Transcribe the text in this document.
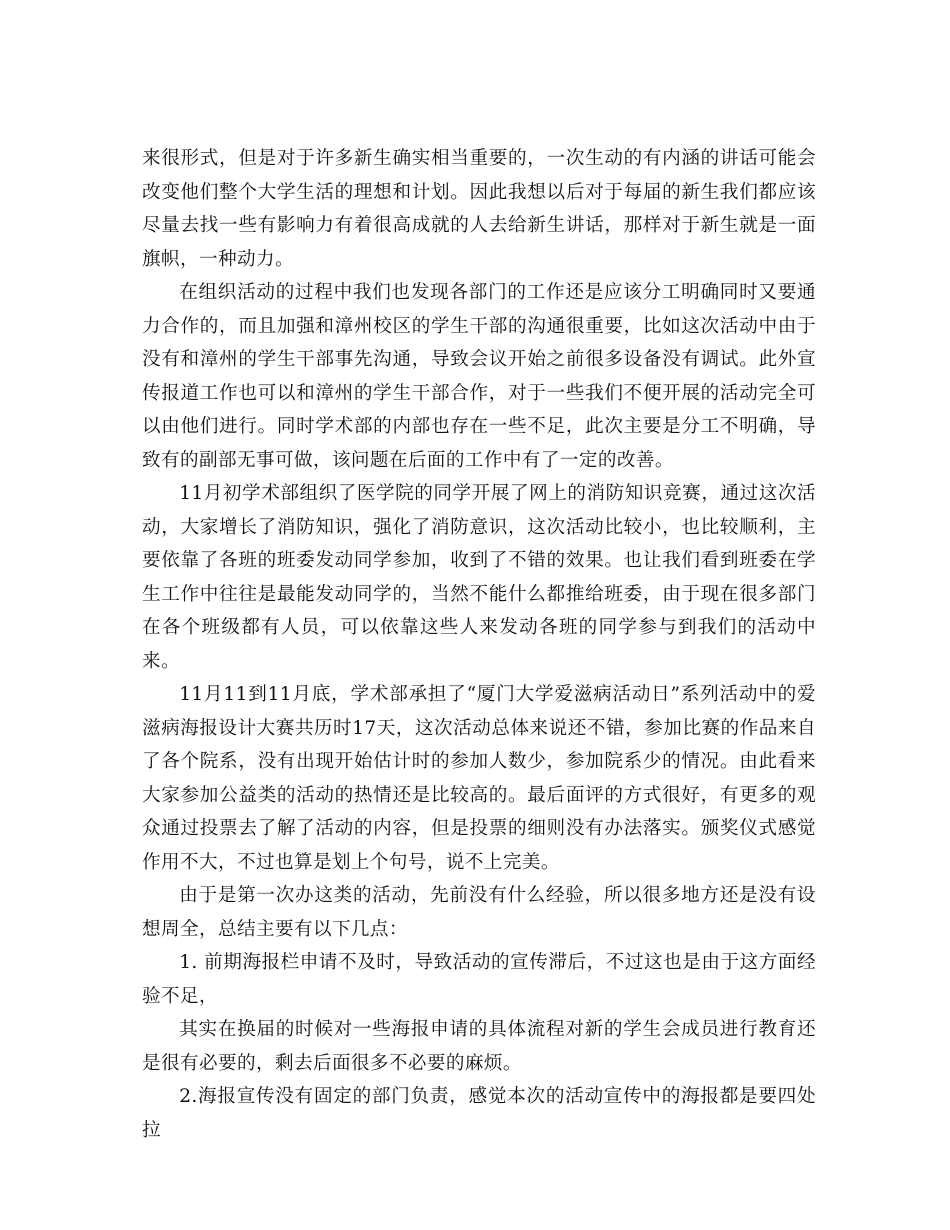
来很形式，但是对于许多新生确实相当重要的，一次生动的有内涵的讲话可能会改变他们整个大学生活的理想和计划。因此我想以后对于每届的新生我们都应该尽量去找一些有影响力有着很高成就的人去给新生讲话，那样对于新生就是一面旗帜，一种动力。

在组织活动的过程中我们也发现各部门的工作还是应该分工明确同时又要通力合作的，而且加强和漳州校区的学生干部的沟通很重要，比如这次活动中由于没有和漳州的学生干部事先沟通，导致会议开始之前很多设备没有调试。此外宣传报道工作也可以和漳州的学生干部合作，对于一些我们不便开展的活动完全可以由他们进行。同时学术部的内部也存在一些不足，此次主要是分工不明确，导致有的副部无事可做，该问题在后面的工作中有了一定的改善。

11月初学术部组织了医学院的同学开展了网上的消防知识竞赛，通过这次活动，大家增长了消防知识，强化了消防意识，这次活动比较小，也比较顺利，主要依靠了各班的班委发动同学参加，收到了不错的效果。也让我们看到班委在学生工作中往往是最能发动同学的，当然不能什么都推给班委，由于现在很多部门在各个班级都有人员，可以依靠这些人来发动各班的同学参与到我们的活动中来。

11月11到11月底，学术部承担了“厦门大学爱滋病活动日”系列活动中的爱滋病海报设计大赛共历时17天，这次活动总体来说还不错，参加比赛的作品来自了各个院系，没有出现开始估计时的参加人数少，参加院系少的情况。由此看来大家参加公益类的活动的热情还是比较高的。最后面评的方式很好，有更多的观众通过投票去了解了活动的内容，但是投票的细则没有办法落实。颁奖仪式感觉作用不大，不过也算是划上个句号，说不上完美。

由于是第一次办这类的活动，先前没有什么经验，所以很多地方还是没有设想周全，总结主要有以下几点：

1. 前期海报栏申请不及时，导致活动的宣传滞后，不过这也是由于这方面经验不足，

其实在换届的时候对一些海报申请的具体流程对新的学生会成员进行教育还是很有必要的，剩去后面很多不必要的麻烦。

2.海报宣传没有固定的部门负责，感觉本次的活动宣传中的海报都是要四处拉
